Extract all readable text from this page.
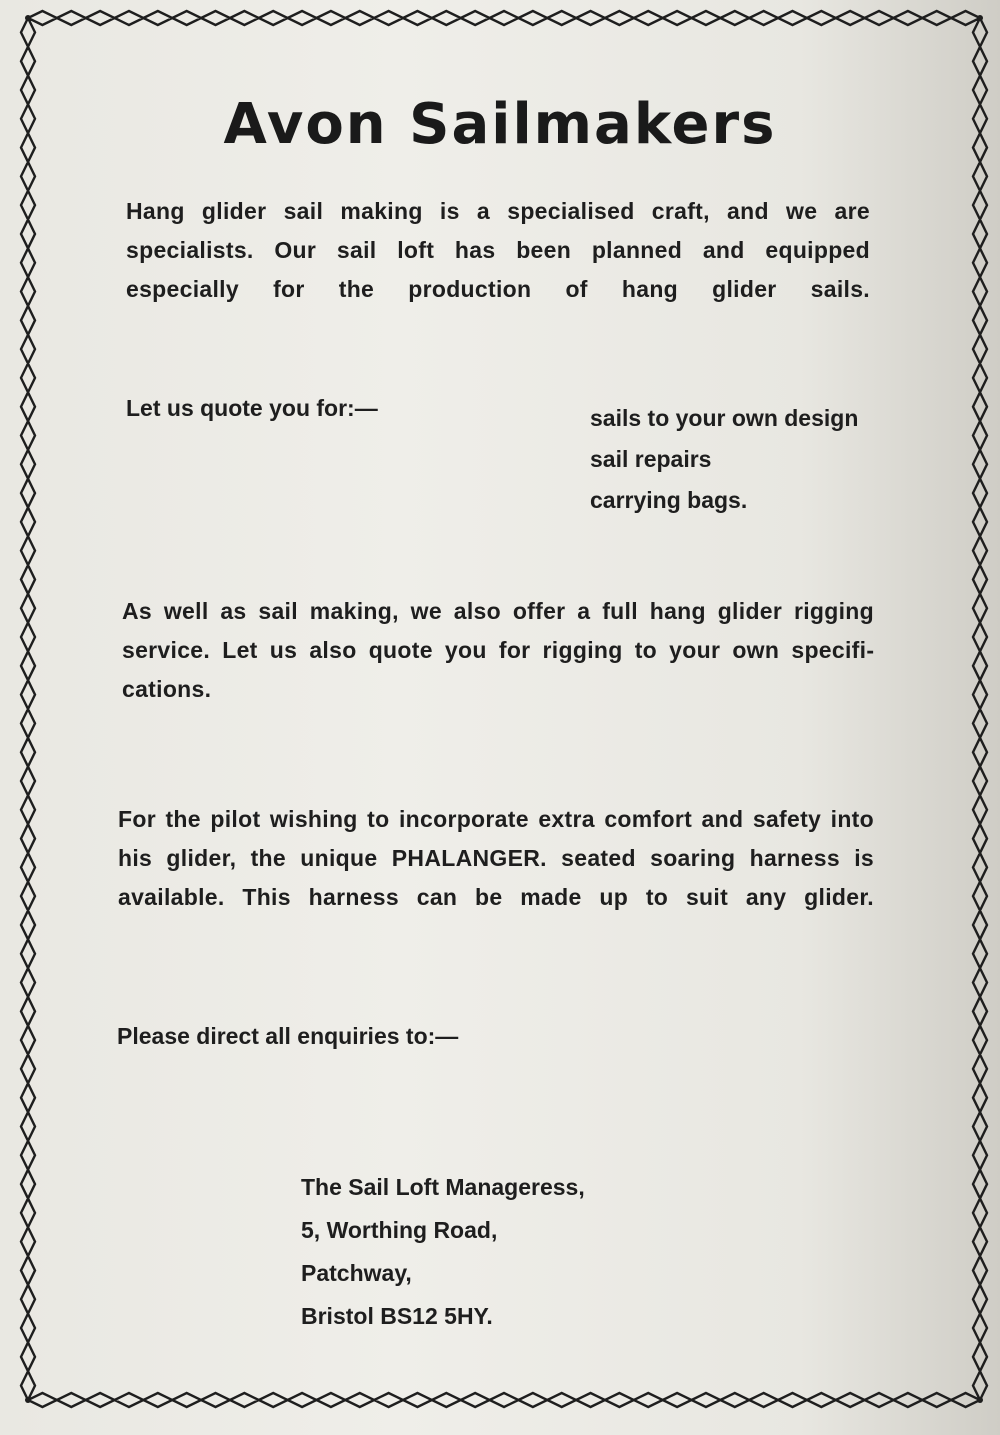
Avon Sailmakers

Hang glider sail making is a specialised craft, and we are specialists. Our sail loft has been planned and equipped especially for the production of hang glider sails.

Let us quote you for:—	sails to your own design
sail repairs
carrying bags.

As well as sail making, we also offer a full hang glider rigging service. Let us also quote you for rigging to your own specifications.

For the pilot wishing to incorporate extra comfort and safety into his glider, the unique PHALANGER. seated soaring harness is available. This harness can be made up to suit any glider.

Please direct all enquiries to:—
The Sail Loft Manageress,
5, Worthing Road,
Patchway,
Bristol BS12 5HY.
